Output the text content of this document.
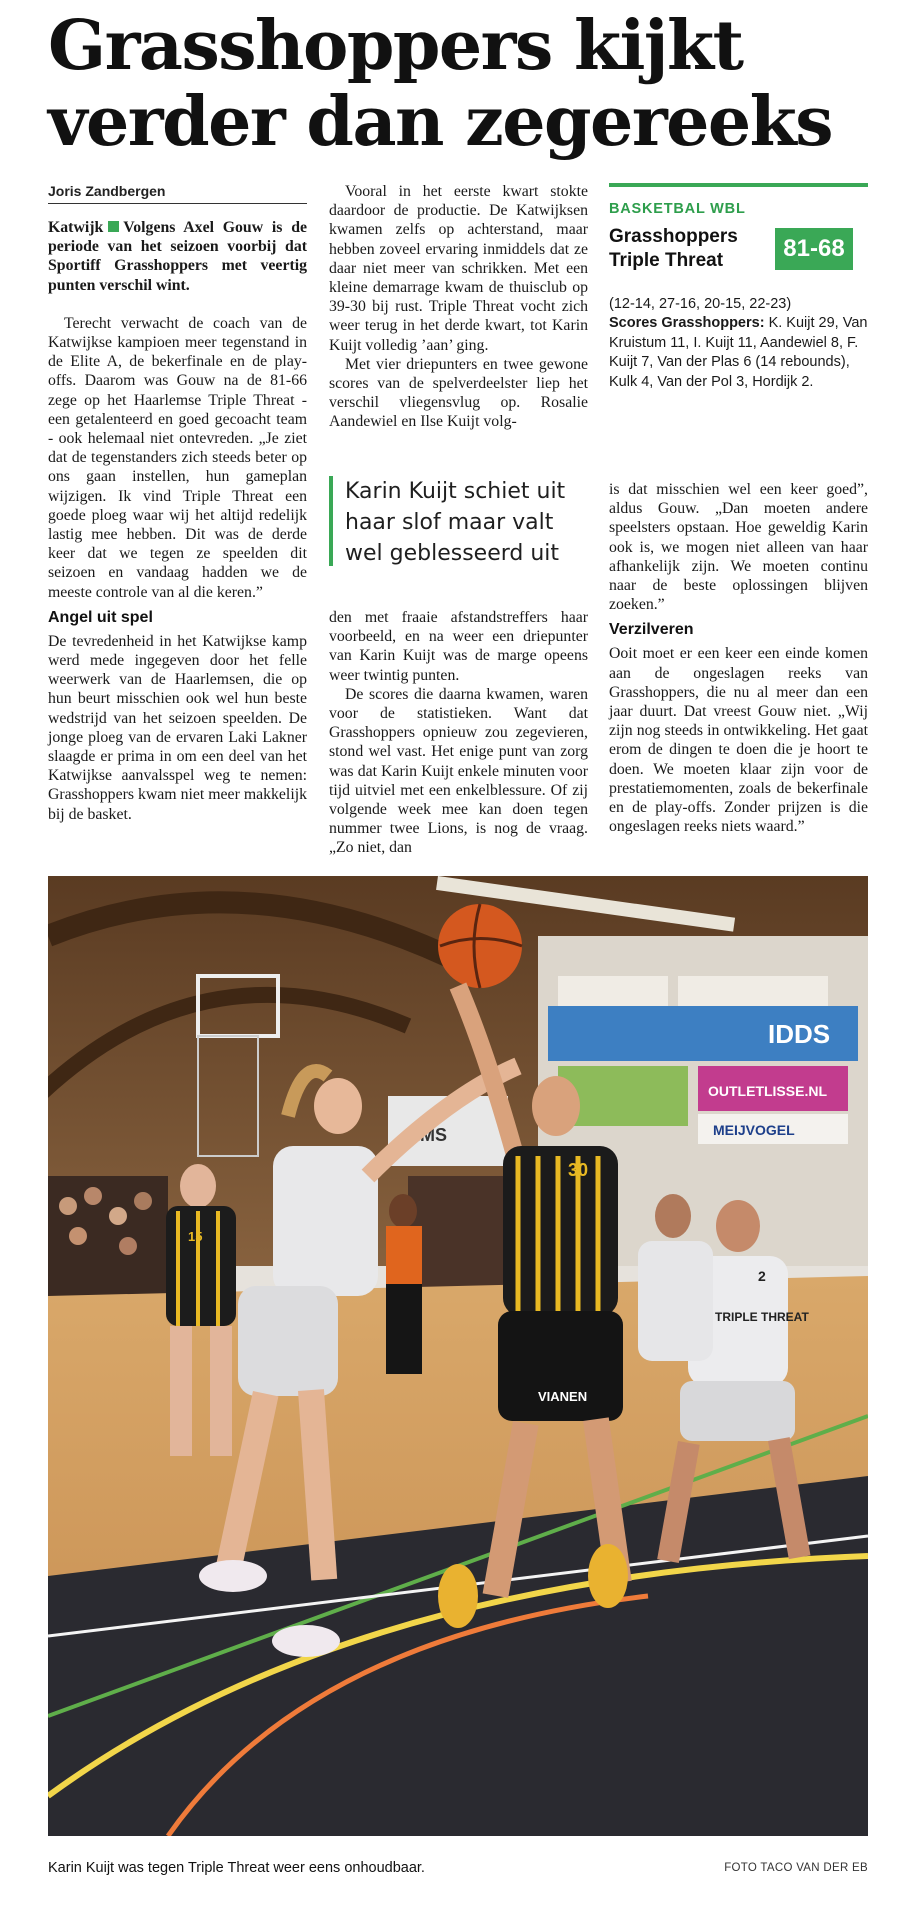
Grasshoppers kijkt
verder dan zegereeks
Joris Zandbergen

Katwijk Volgens Axel Gouw is de periode van het seizoen voorbij dat Sportiff Grasshoppers met veertig punten verschil wint.

Terecht verwacht de coach van de Katwijkse kampioen meer tegenstand in de Elite A, de bekerfinale en de play-offs. Daarom was Gouw na de 81-66 zege op het Haarlemse Triple Threat - een getalenteerd en goed gecoacht team - ook helemaal niet ontevreden. „Je ziet dat de tegenstanders zich steeds beter op ons gaan instellen, hun gameplan wijzigen. Ik vind Triple Threat een goede ploeg waar wij het altijd redelijk lastig mee hebben. Dit was de derde keer dat we tegen ze speelden dit seizoen en vandaag hadden we de meeste controle van al die keren.”

Angel uit spel

De tevredenheid in het Katwijkse kamp werd mede ingegeven door het felle weerwerk van de Haarlemsen, die op hun beurt misschien ook wel hun beste wedstrijd van het seizoen speelden. De jonge ploeg van de ervaren Laki Lakner slaagde er prima in om een deel van het Katwijkse aanvalsspel weg te nemen: Grasshoppers kwam niet meer makkelijk bij de basket.

Vooral in het eerste kwart stokte daardoor de productie. De Katwijksen kwamen zelfs op achterstand, maar hebben zoveel ervaring inmiddels dat ze daar niet meer van schrikken. Met een kleine demarrage kwam de thuisclub op 39-30 bij rust. Triple Threat vocht zich weer terug in het derde kwart, tot Karin Kuijt volledig ’aan’ ging.

Met vier driepunters en twee gewone scores van de spelverdeelster liep het verschil vliegensvlug op. Rosalie Aandewiel en Ilse Kuijt volg-

Karin Kuijt schiet uit haar slof maar valt wel geblesseerd uit

den met fraaie afstandstreffers haar voorbeeld, en na weer een driepunter van Karin Kuijt was de marge opeens weer twintig punten.

De scores die daarna kwamen, waren voor de statistieken. Want dat Grasshoppers opnieuw zou zegevieren, stond wel vast. Het enige punt van zorg was dat Karin Kuijt enkele minuten voor tijd uitviel met een enkelblessure. Of zij volgende week mee kan doen tegen nummer twee Lions, is nog de vraag. „Zo niet, dan

BASKETBAL WBL
Grasshoppers
Triple Threat	81-68
(12-14, 27-16, 20-15, 22-23)
Scores Grasshoppers: K. Kuijt 29, Van Kruistum 11, I. Kuijt 11, Aandewiel 8, F. Kuijt 7, Van der Plas 6 (14 rebounds), Kulk 4, Van der Pol 3, Hordijk 2.

is dat misschien wel een keer goed”, aldus Gouw. „Dan moeten andere speelsters opstaan. Hoe geweldig Karin ook is, we mogen niet alleen van haar afhankelijk zijn. We moeten continu naar de beste oplossingen blijven zoeken.”

Verzilveren

Ooit moet er een keer een einde komen aan de ongeslagen reeks van Grasshoppers, die nu al meer dan een jaar duurt. Dat vreest Gouw niet. „Wij zijn nog steeds in ontwikkeling. Het gaat erom de dingen te doen die je hoort te doen. We moeten klaar zijn voor de prestatiemomenten, zoals de bekerfinale en de play-offs. Zonder prijzen is die ongeslagen reeks niets waard.”

IDDS
OUTLETLISSE.NL
MEIJVOGEL
EMS
30
VIANEN
TRIPLE THREAT
2
15
Karin Kuijt was tegen Triple Threat weer eens onhoudbaar.	FOTO TACO VAN DER EB
